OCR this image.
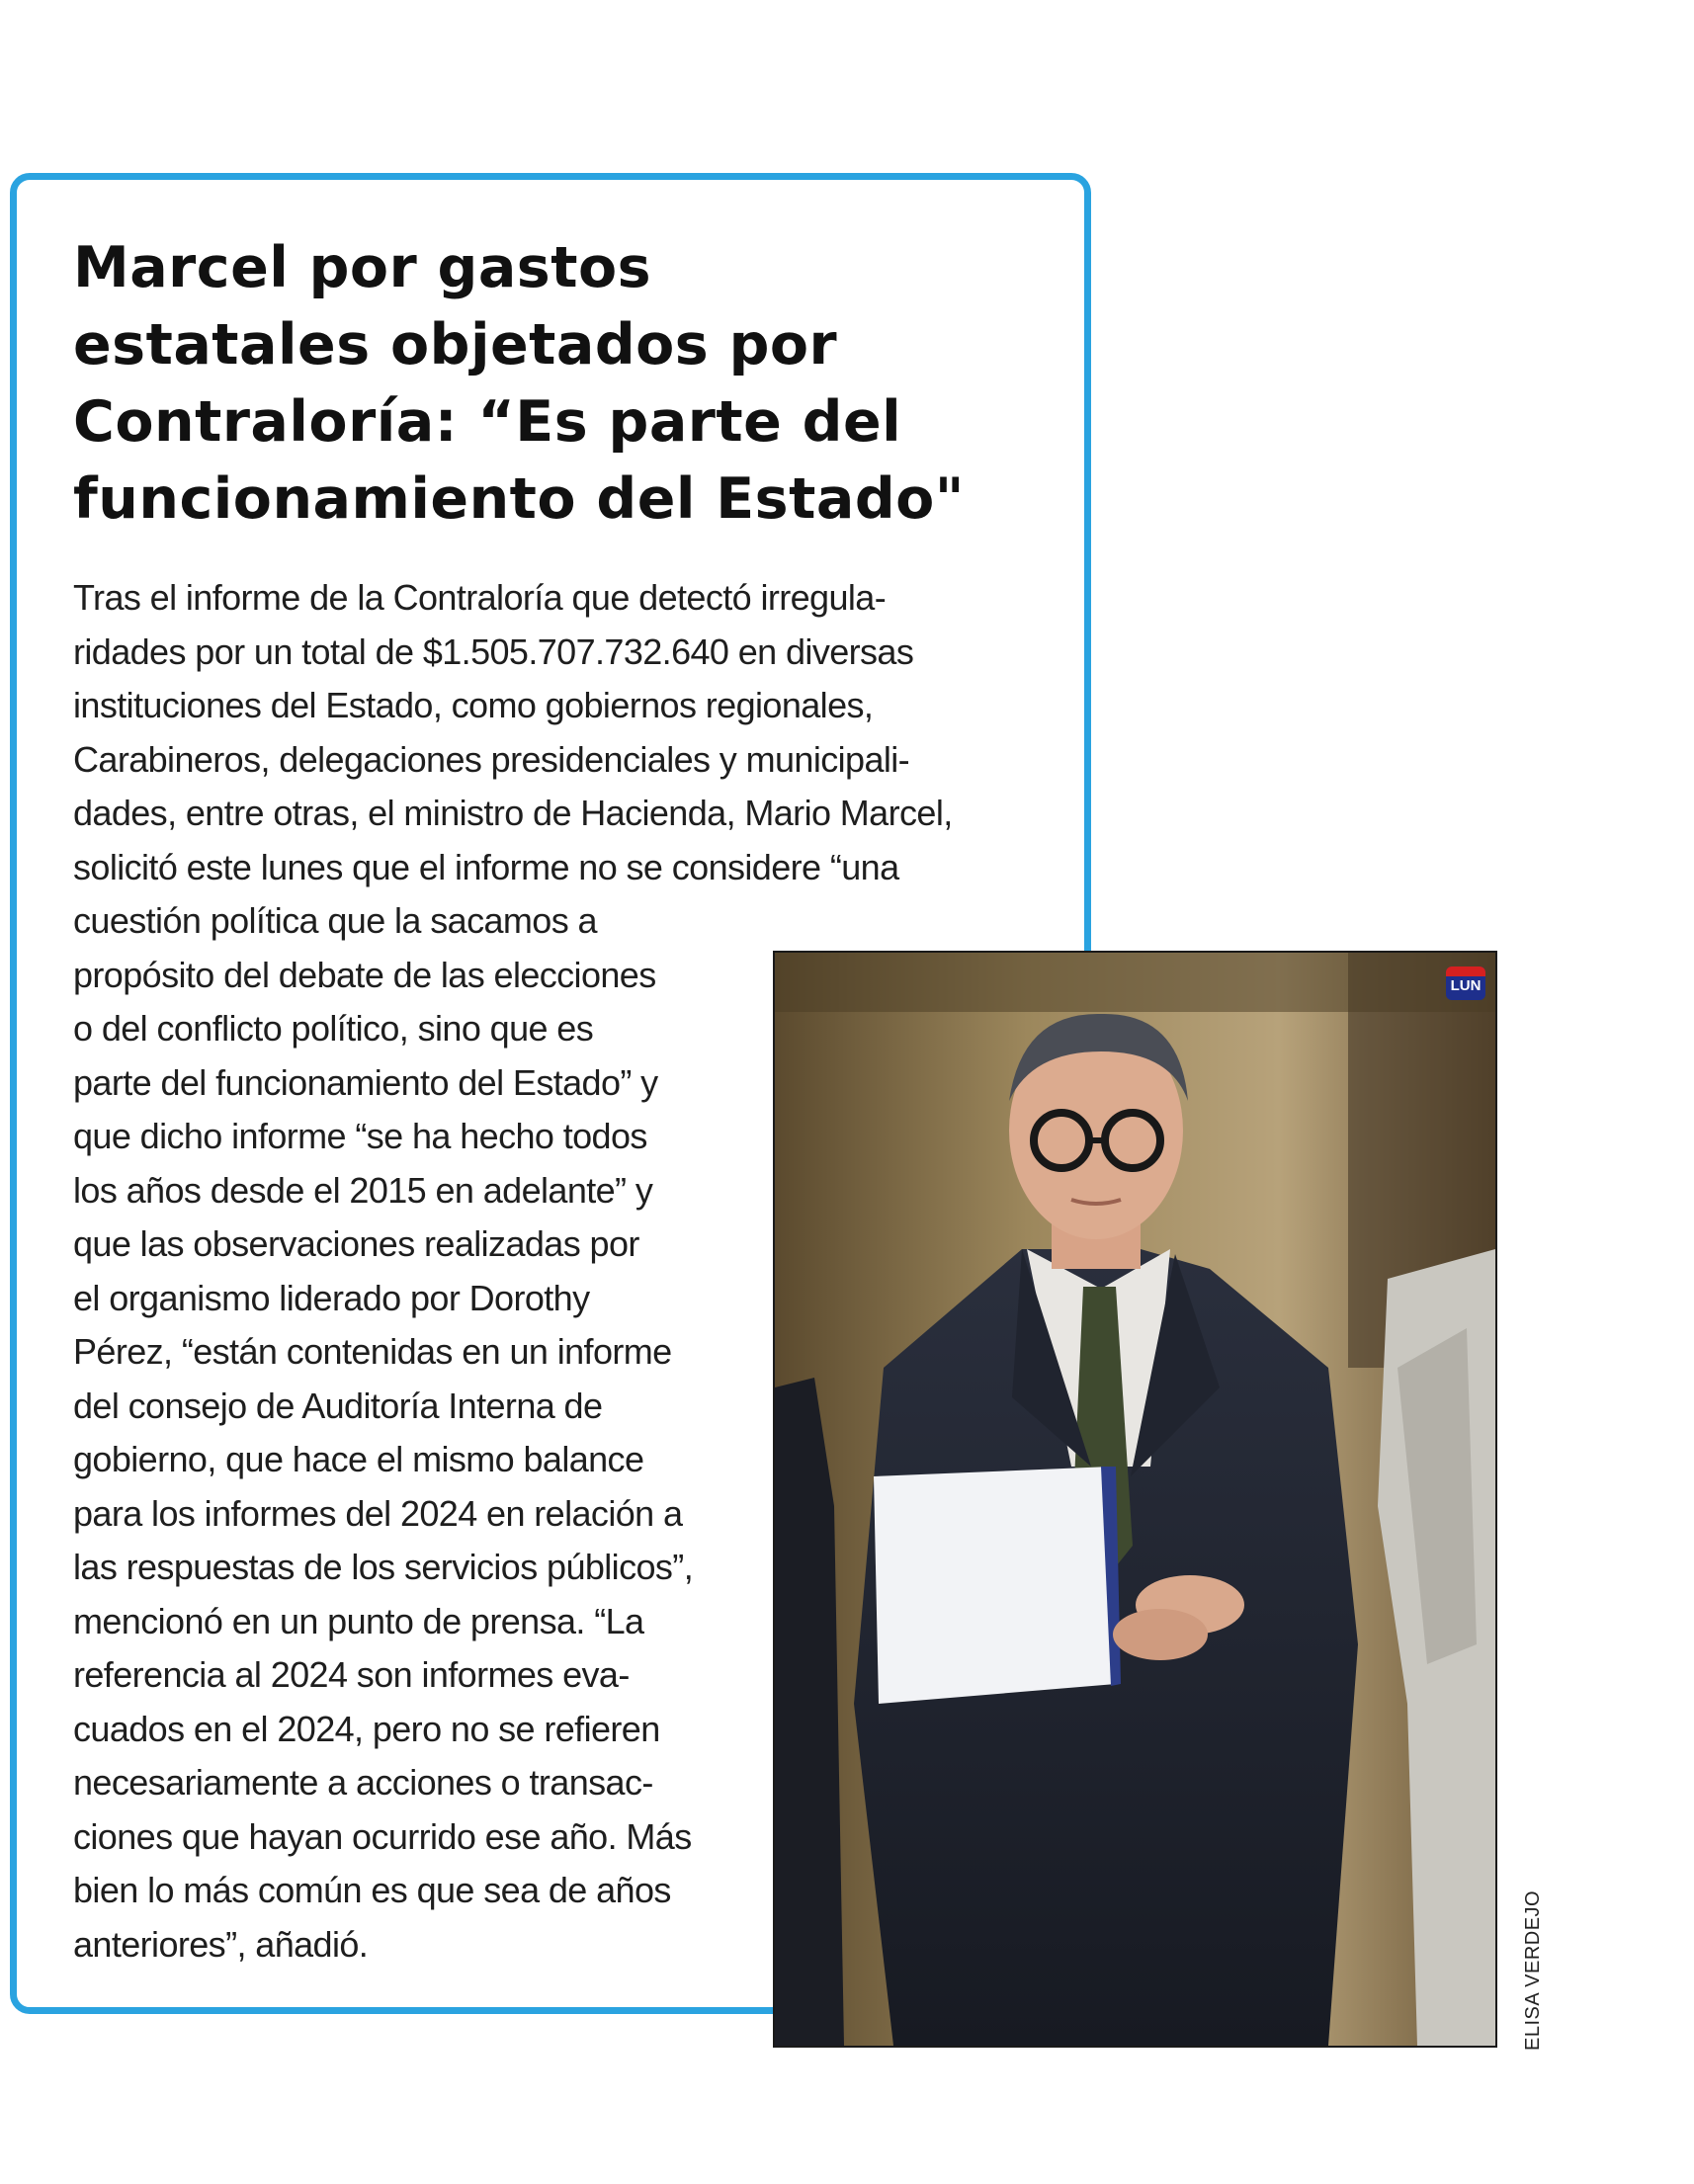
Marcel por gastos
estatales objetados por
Contraloría: “Es parte del
funcionamiento del Estado"
Tras el informe de la Contraloría que detectó irregula-
ridades por un total de $1.505.707.732.640 en diversas
instituciones del Estado, como gobiernos regionales,
Carabineros, delegaciones presidenciales y municipali-
dades, entre otras, el ministro de Hacienda, Mario Marcel,
solicitó este lunes que el informe no se considere “una
cuestión política que la sacamos a
propósito del debate de las elecciones
o del conflicto político, sino que es
parte del funcionamiento del Estado” y
que dicho informe “se ha hecho todos
los años desde el 2015 en adelante” y
que las observaciones realizadas por
el organismo liderado por Dorothy
Pérez, “están contenidas en un informe
del consejo de Auditoría Interna de
gobierno, que hace el mismo balance
para los informes del 2024 en relación a
las respuestas de los servicios públicos”,
mencionó en un punto de prensa. “La
referencia al 2024 son informes eva-
cuados en el 2024, pero no se refieren
necesariamente a acciones o transac-
ciones que hayan ocurrido ese año. Más
bien lo más común es que sea de años
anteriores”, añadió.
LUN
ELISA VERDEJO
